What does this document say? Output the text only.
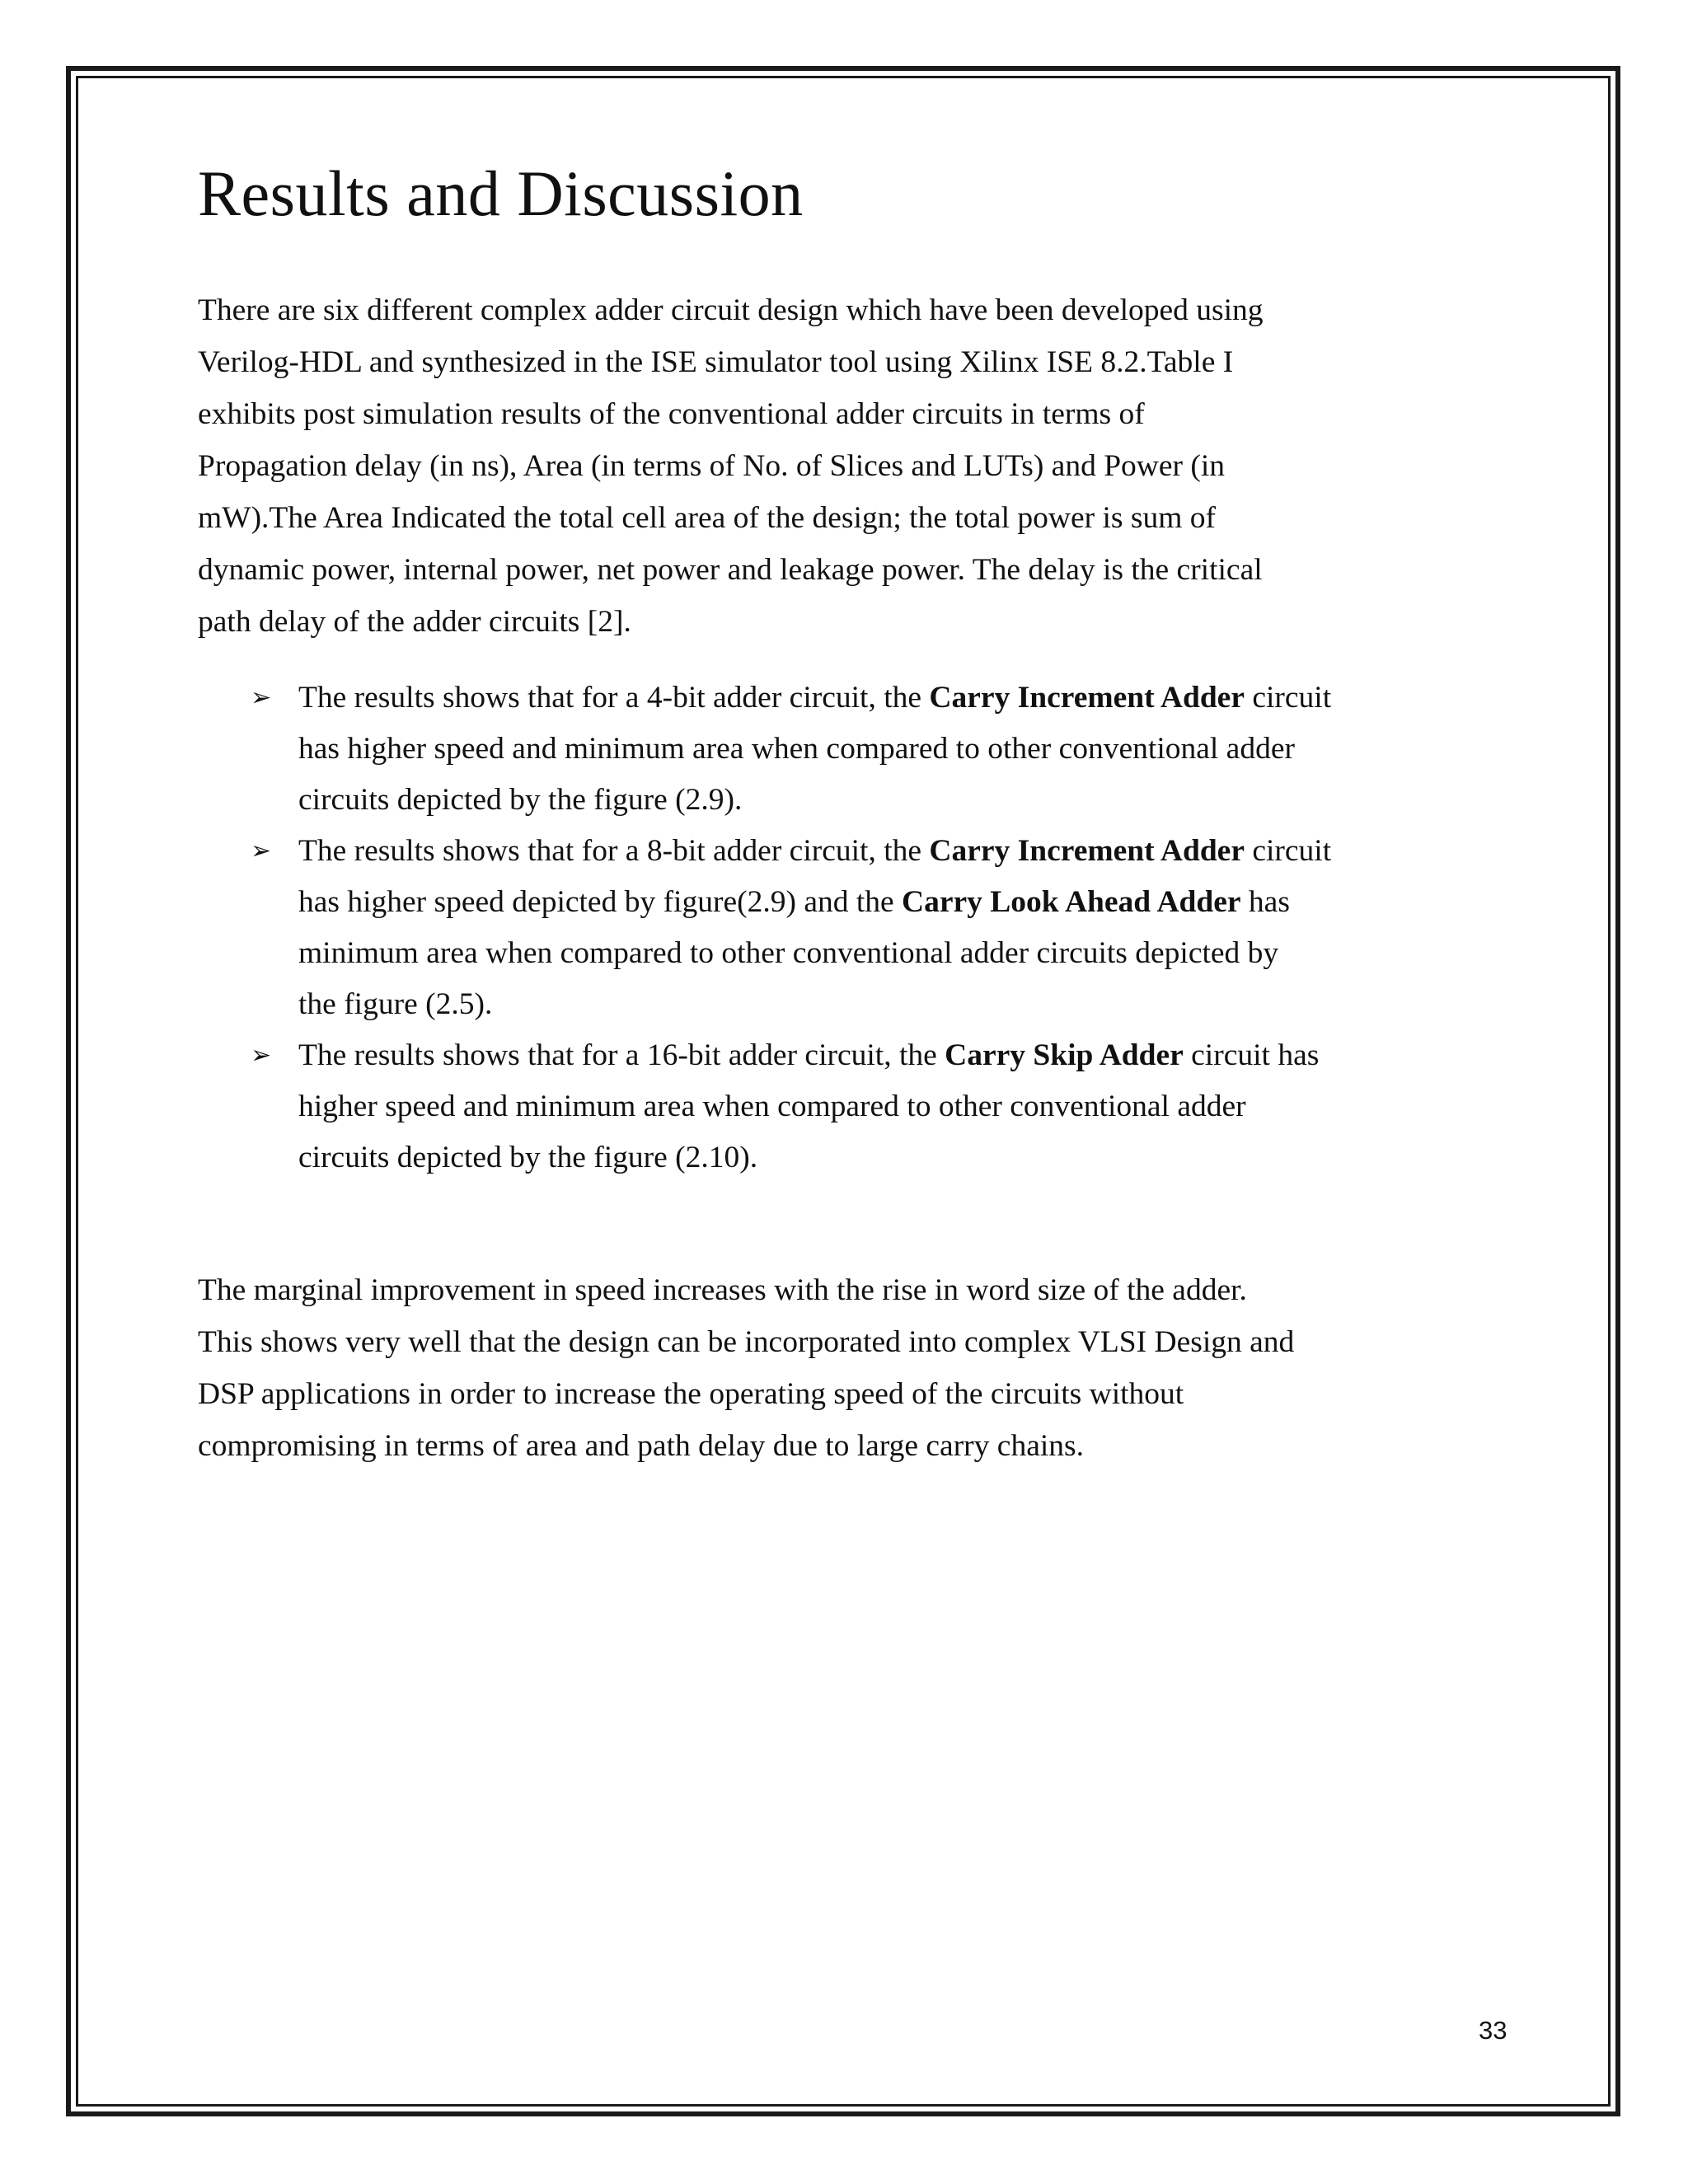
Results and Discussion

There are six different complex adder circuit design which have been developed using
Verilog-HDL and synthesized in the ISE simulator tool using Xilinx ISE 8.2.Table I
exhibits post simulation results of the conventional adder circuits in terms of
Propagation delay (in ns), Area (in terms of No. of Slices and LUTs) and Power (in
mW).The Area Indicated the total cell area of the design; the total power is sum of
dynamic power, internal power, net power and leakage power. The delay is the critical
path delay of the adder circuits [2].

➢ The results shows that for a 4-bit adder circuit, the Carry Increment Adder circuit
has higher speed and minimum area when compared to other conventional adder
circuits depicted by the figure (2.9).
➢ The results shows that for a 8-bit adder circuit, the Carry Increment Adder circuit
has higher speed depicted by figure(2.9) and the Carry Look Ahead Adder has
minimum area when compared to other conventional adder circuits depicted by
the figure (2.5).
➢ The results shows that for a 16-bit adder circuit, the Carry Skip Adder circuit has
higher speed and minimum area when compared to other conventional adder
circuits depicted by the figure (2.10).

The marginal improvement in speed increases with the rise in word size of the adder.
This shows very well that the design can be incorporated into complex VLSI Design and
DSP applications in order to increase the operating speed of the circuits without
compromising in terms of area and path delay due to large carry chains.

33
